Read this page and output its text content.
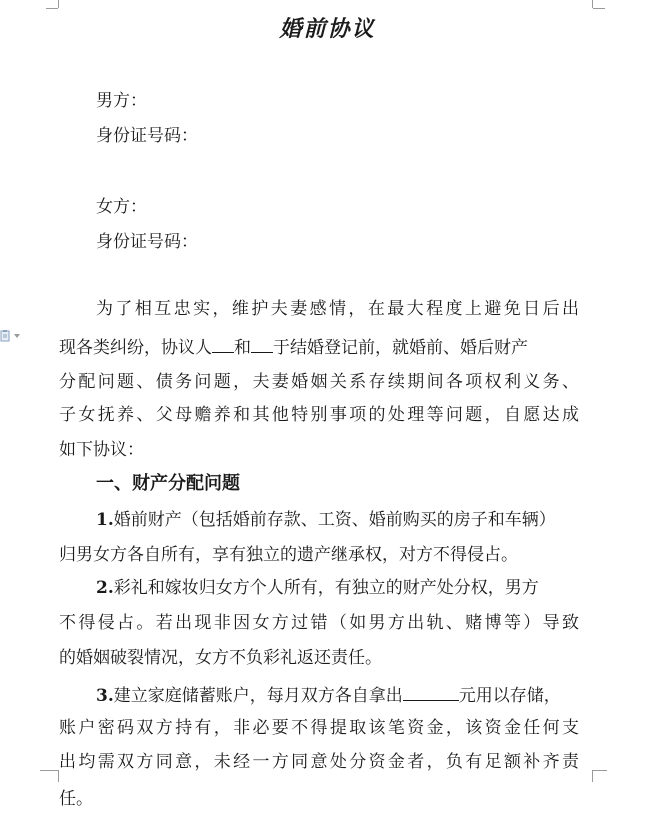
婚前协议
男方：
身份证号码：
女方：
身份证号码：
为了相互忠实，维护夫妻感情，在最大程度上避免日后出
现各类纠纷，协议人 和 于结婚登记前，就婚前、婚后财产
分配问题、债务问题，夫妻婚姻关系存续期间各项权利义务、
子女抚养、父母赡养和其他特别事项的处理等问题，自愿达成
如下协议：
一、财产分配问题
1.婚前财产（包括婚前存款、工资、婚前购买的房子和车辆）
归男女方各自所有，享有独立的遗产继承权，对方不得侵占。
2.彩礼和嫁妆归女方个人所有，有独立的财产处分权，男方
不得侵占。若出现非因女方过错（如男方出轨、赌博等）导致
的婚姻破裂情况，女方不负彩礼返还责任。
3.建立家庭储蓄账户，每月双方各自拿出	元用以存储，
账户密码双方持有，非必要不得提取该笔资金，该资金任何支
出均需双方同意，未经一方同意处分资金者，负有足额补齐责
任。
